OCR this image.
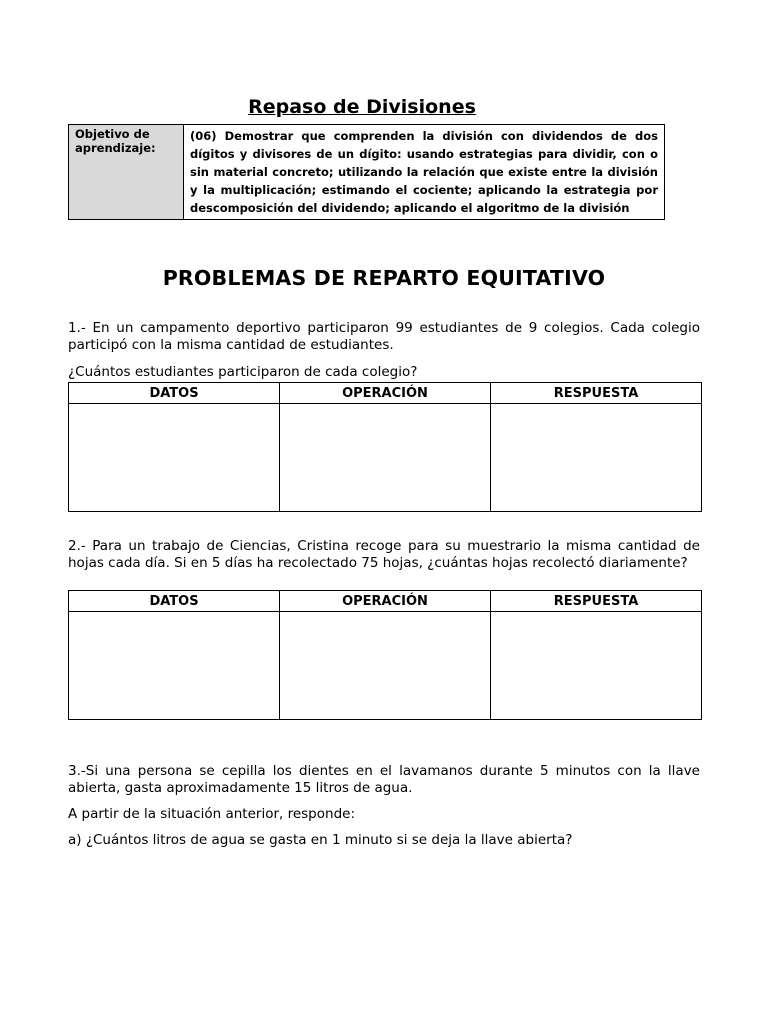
Repaso de Divisiones
Objetivo de aprendizaje:	(06) Demostrar que comprenden la división con dividendos de dos dígitos y divisores de un dígito: usando estrategias para dividir, con o sin material concreto; utilizando la relación que existe entre la división y la multiplicación; estimando el cociente; aplicando la estrategia por descomposición del dividendo; aplicando el algoritmo de la división
PROBLEMAS DE REPARTO EQUITATIVO

1.- En un campamento deportivo participaron 99 estudiantes de 9 colegios. Cada colegio participó con la misma cantidad de estudiantes.

¿Cuántos estudiantes participaron de cada colegio?

DATOS	OPERACIÓN	RESPUESTA

2.- Para un trabajo de Ciencias, Cristina recoge para su muestrario la misma cantidad de hojas cada día. Si en 5 días ha recolectado 75 hojas, ¿cuántas hojas recolectó diariamente?

DATOS	OPERACIÓN	RESPUESTA

3.-Si una persona se cepilla los dientes en el lavamanos durante 5 minutos con la llave abierta, gasta aproximadamente 15 litros de agua.

A partir de la situación anterior, responde:

a) ¿Cuántos litros de agua se gasta en 1 minuto si se deja la llave abierta?
